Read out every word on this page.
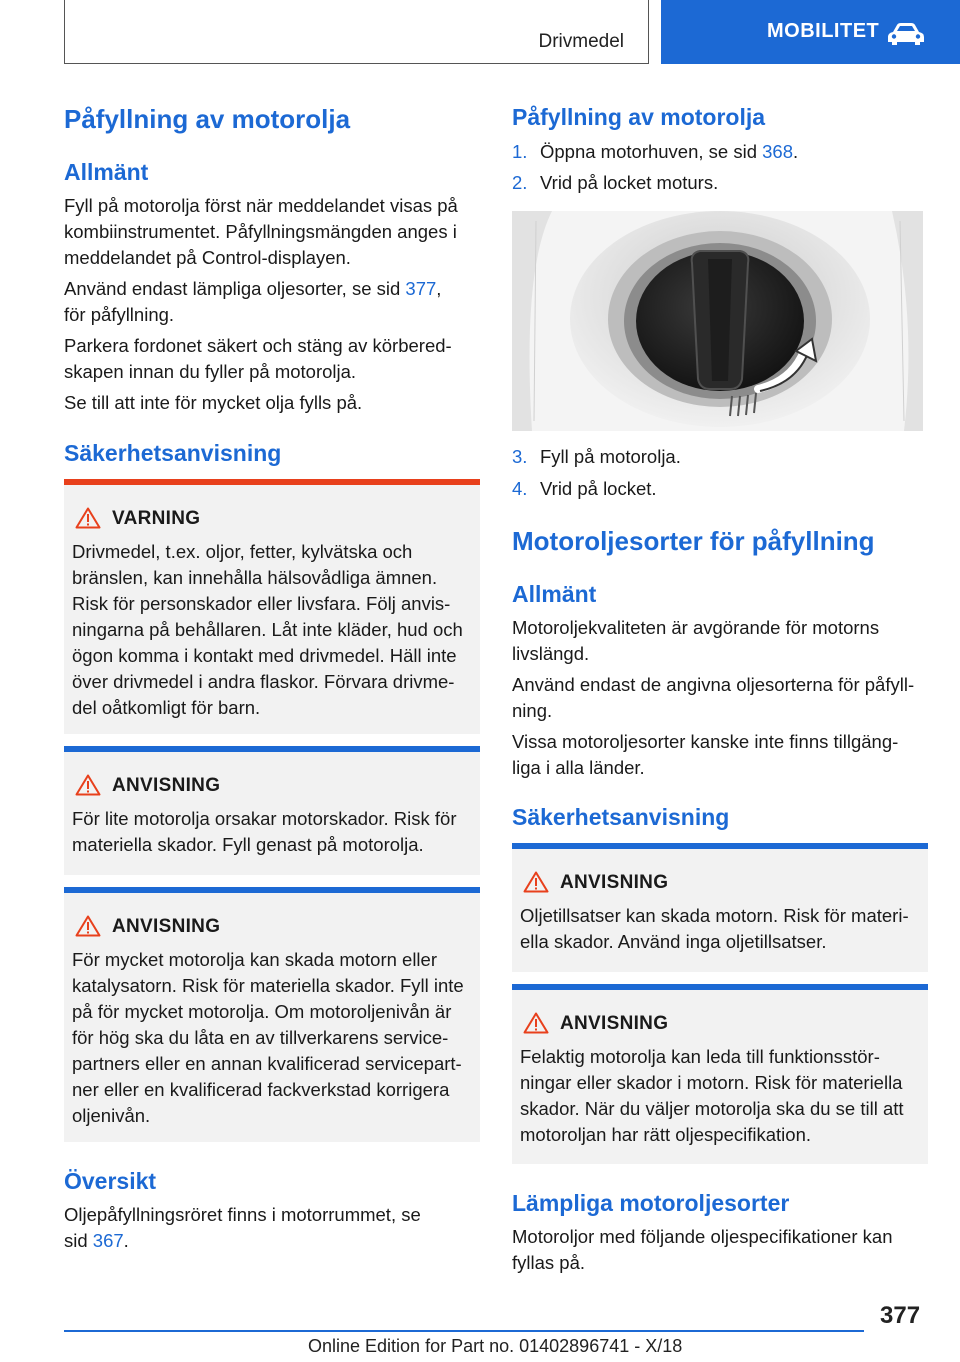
Drivmedel	MOBILITET
Påfyllning av motorolja
Allmänt

Fyll på motorolja först när meddelandet visas på
kombiinstrumentet. Påfyllningsmängden anges i
meddelandet på Control-displayen.

Använd endast lämpliga oljesorter, se sid 377,
för påfyllning.

Parkera fordonet säkert och stäng av körbered-
skapen innan du fyller på motorolja.

Se till att inte för mycket olja fylls på.

Säkerhetsanvisning
VARNING

Drivmedel, t.ex. oljor, fetter, kylvätska och
bränslen, kan innehålla hälsovådliga ämnen.
Risk för personskador eller livsfara. Följ anvis-
ningarna på behållaren. Låt inte kläder, hud och
ögon komma i kontakt med drivmedel. Häll inte
över drivmedel i andra flaskor. Förvara drivme-
del oåtkomligt för barn.

ANVISNING

För lite motorolja orsakar motorskador. Risk för
materiella skador. Fyll genast på motorolja.

ANVISNING

För mycket motorolja kan skada motorn eller
katalysatorn. Risk för materiella skador. Fyll inte
på för mycket motorolja. Om motoroljenivån är
för hög ska du låta en av tillverkarens service-
partners eller en annan kvalificerad servicepart-
ner eller en kvalificerad fackverkstad korrigera
oljenivån.

Översikt

Oljepåfyllningsröret finns i motorrummet, se
sid 367.

Påfyllning av motorolja
1. Öppna motorhuven, se sid 368.
2. Vrid på locket moturs.
3. Fyll på motorolja.
4. Vrid på locket.
Motoroljesorter för påfyllning
Allmänt

Motoroljekvaliteten är avgörande för motorns
livslängd.

Använd endast de angivna oljesorterna för påfyll-
ning.

Vissa motoroljesorter kanske inte finns tillgäng-
liga i alla länder.

Säkerhetsanvisning
ANVISNING

Oljetillsatser kan skada motorn. Risk för materi-
ella skador. Använd inga oljetillsatser.

ANVISNING

Felaktig motorolja kan leda till funktionsstör-
ningar eller skador i motorn. Risk för materiella
skador. När du väljer motorolja ska du se till att
motoroljan har rätt oljespecifikation.

Lämpliga motoroljesorter

Motoroljor med följande oljespecifikationer kan
fyllas på.

377
Online Edition for Part no. 01402896741 - X/18
